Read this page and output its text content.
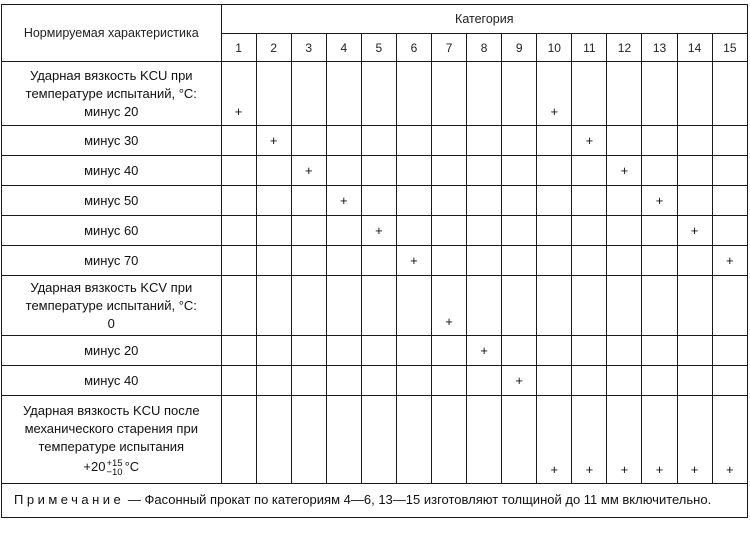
Нормируемая характеристика	Категория														
	1	2	3	4	5	6	7	8	9	10	11	12	13	14	15

Ударная вязкость KCU при температуре испытаний, °С:
минус 20	+									+					

минус 30		+									+				

минус 40			+									+			

минус 50				+									+		

минус 60					+									+	

минус 70						+									+

Ударная вязкость KCV при температуре испытаний, °С:
0							+								

минус 20								+							

минус 40									+						

Ударная вязкость KCU после механического старения при температуре испытания
+20 +15
−10 °С										+	+	+	+	+	+
Примечание — Фасонный прокат по категориям 4—6, 13—15 изготовляют толщиной до 11 мм включительно.															
